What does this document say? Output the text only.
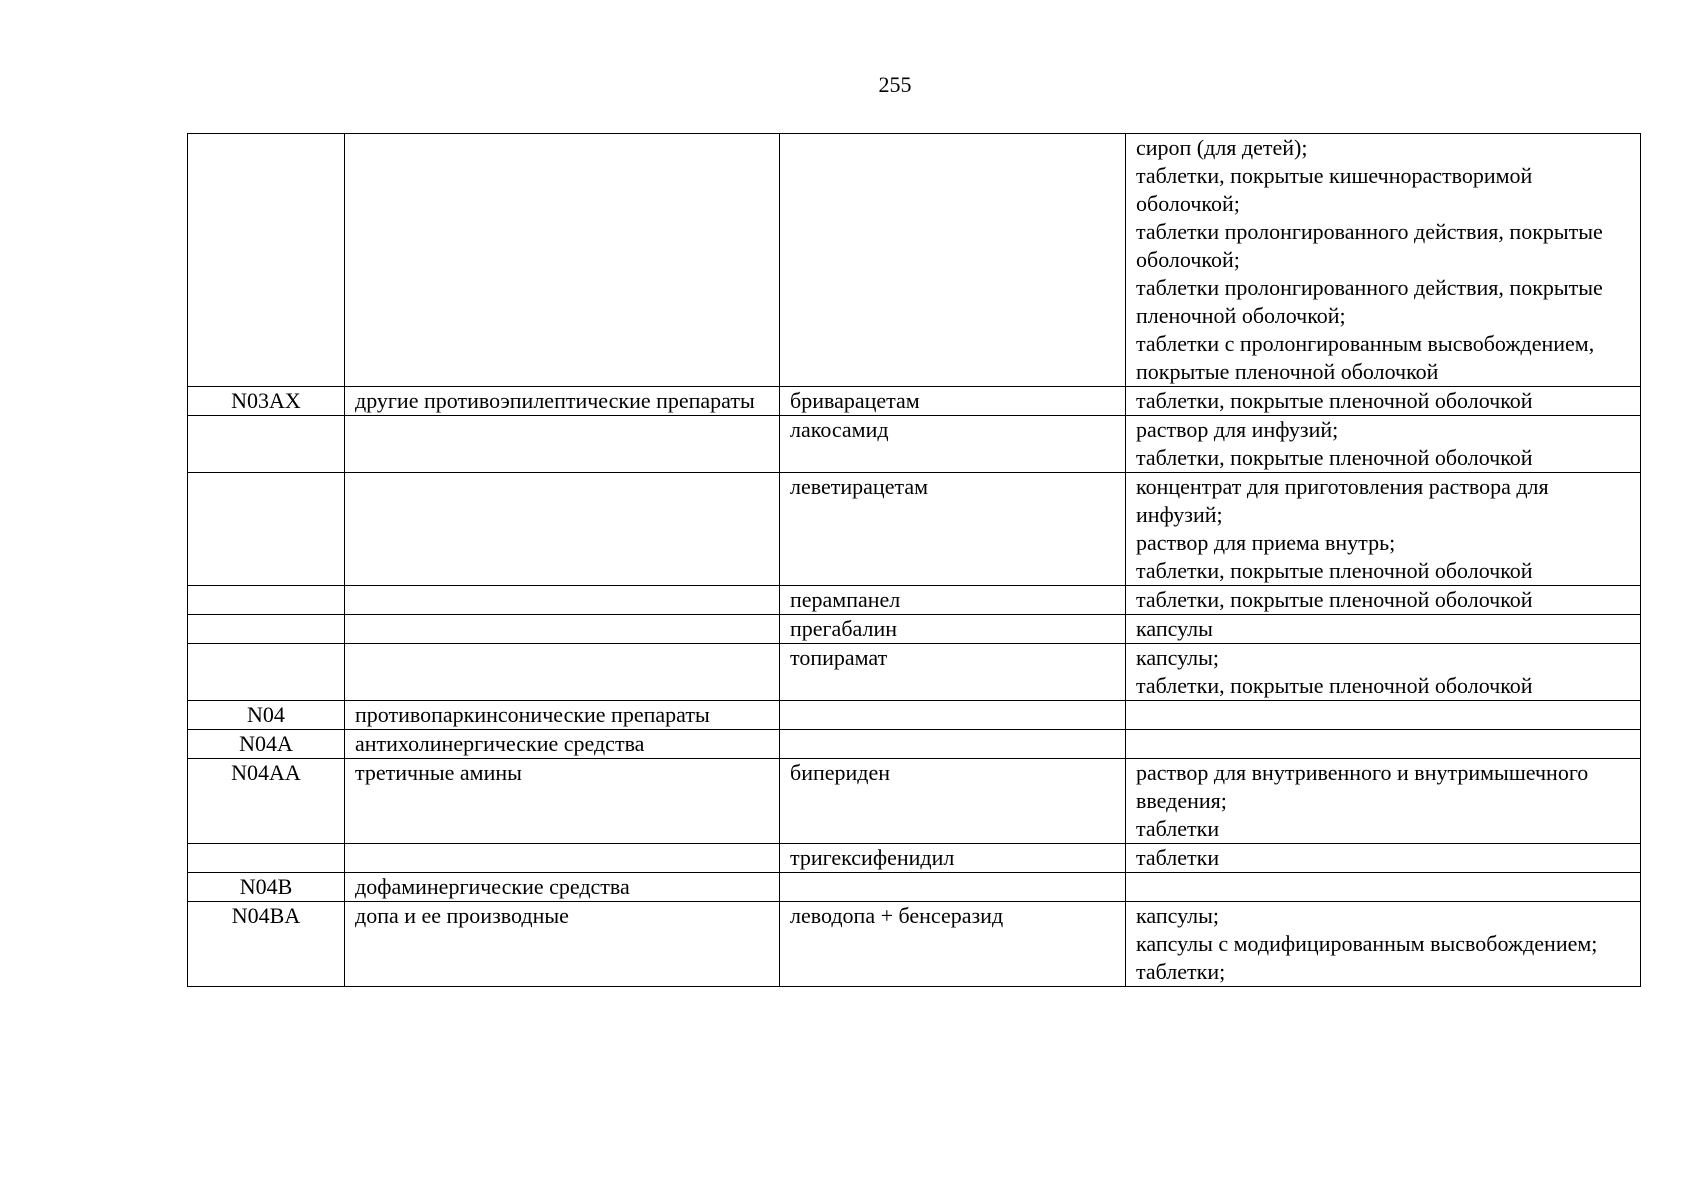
255

			сироп (для детей);
таблетки, покрытые кишечнорастворимой оболочкой;
таблетки пролонгированного действия, покрытые оболочкой;
таблетки пролонгированного действия, покрытые пленочной оболочкой;
таблетки с пролонгированным высвобождением, покрытые пленочной оболочкой

N03AX	другие противоэпилептические препараты	бриварацетам	таблетки, покрытые пленочной оболочкой

		лакосамид	раствор для инфузий;
таблетки, покрытые пленочной оболочкой

		леветирацетам	концентрат для приготовления раствора для инфузий;
раствор для приема внутрь;
таблетки, покрытые пленочной оболочкой

		перампанел	таблетки, покрытые пленочной оболочкой

		прегабалин	капсулы

		топирамат	капсулы;
таблетки, покрытые пленочной оболочкой

N04	противопаркинсонические препараты		
N04A	антихолинергические средства		
N04AA	третичные амины	бипериден	раствор для внутривенного и внутримышечного введения;
таблетки

		тригексифенидил	таблетки

N04B	дофаминергические средства		
N04BA	допа и ее производные	леводопа + бенсеразид	капсулы;
капсулы с модифицированным высвобождением;
таблетки;
